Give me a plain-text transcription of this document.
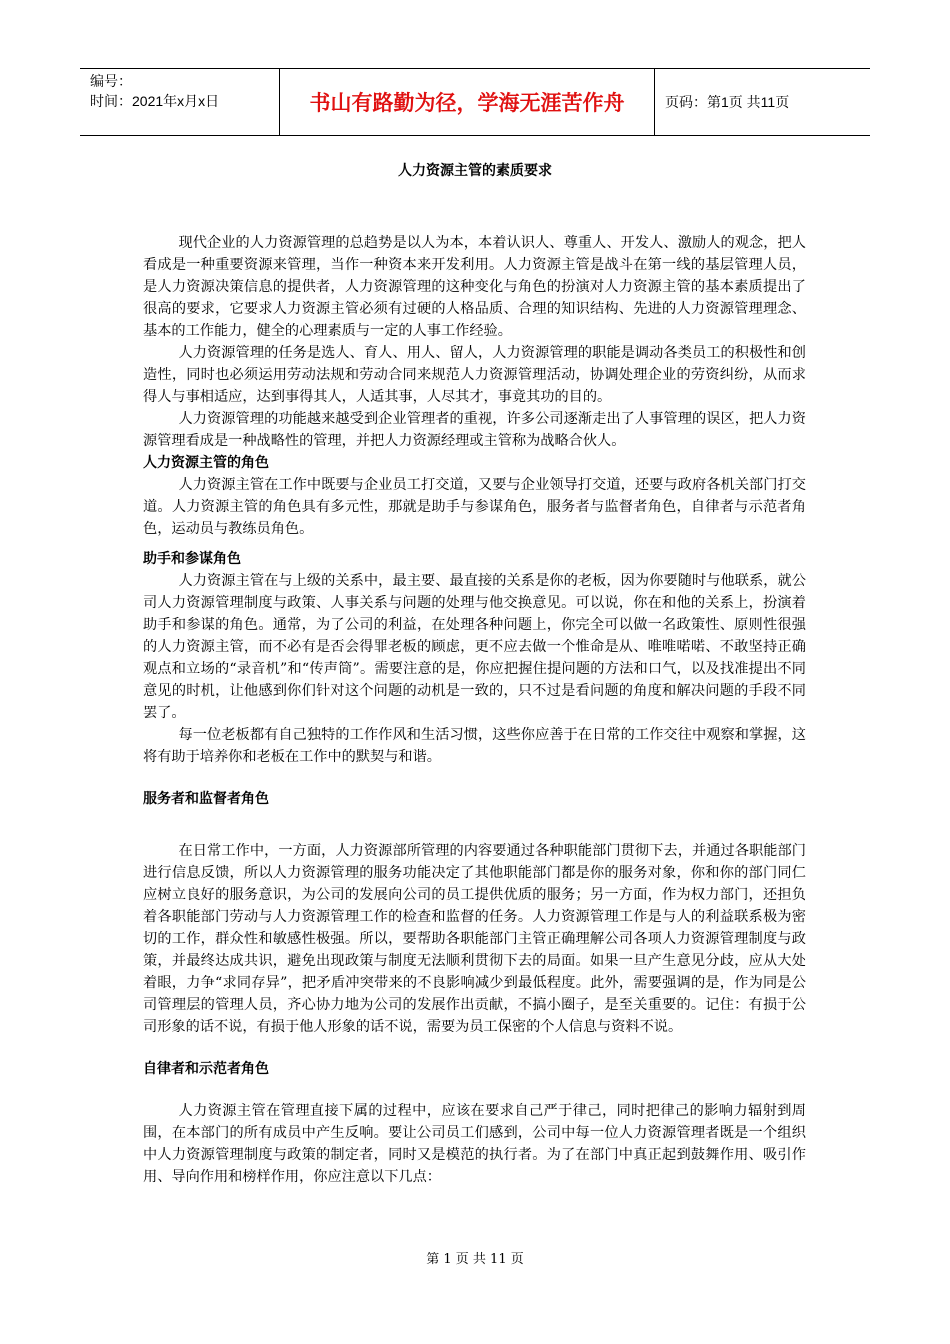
编号：
时间：2021年x月x日	书山有路勤为径，学海无涯苦作舟	页码：第1页 共11页
人力资源主管的素质要求

现代企业的人力资源管理的总趋势是以人为本，本着认识人、尊重人、开发人、激励人的观念，把人看成是一种重要资源来管理，当作一种资本来开发利用。人力资源主管是战斗在第一线的基层管理人员，是人力资源决策信息的提供者，人力资源管理的这种变化与角色的扮演对人力资源主管的基本素质提出了很高的要求，它要求人力资源主管必须有过硬的人格品质、合理的知识结构、先进的人力资源管理理念、基本的工作能力，健全的心理素质与一定的人事工作经验。

人力资源管理的任务是选人、育人、用人、留人，人力资源管理的职能是调动各类员工的积极性和创造性，同时也必须运用劳动法规和劳动合同来规范人力资源管理活动，协调处理企业的劳资纠纷，从而求得人与事相适应，达到事得其人，人适其事，人尽其才，事竟其功的目的。

人力资源管理的功能越来越受到企业管理者的重视，许多公司逐渐走出了人事管理的误区，把人力资源管理看成是一种战略性的管理，并把人力资源经理或主管称为战略合伙人。

人力资源主管的角色

人力资源主管在工作中既要与企业员工打交道，又要与企业领导打交道，还要与政府各机关部门打交道。人力资源主管的角色具有多元性，那就是助手与参谋角色，服务者与监督者角色，自律者与示范者角色，运动员与教练员角色。

助手和参谋角色

人力资源主管在与上级的关系中，最主要、最直接的关系是你的老板，因为你要随时与他联系，就公司人力资源管理制度与政策、人事关系与问题的处理与他交换意见。可以说，你在和他的关系上，扮演着助手和参谋的角色。通常，为了公司的利益，在处理各种问题上，你完全可以做一名政策性、原则性很强的人力资源主管，而不必有是否会得罪老板的顾虑，更不应去做一个惟命是从、唯唯喏喏、不敢坚持正确观点和立场的“录音机”和“传声筒”。需要注意的是，你应把握住提问题的方法和口气，以及找准提出不同意见的时机，让他感到你们针对这个问题的动机是一致的，只不过是看问题的角度和解决问题的手段不同罢了。

每一位老板都有自己独特的工作作风和生活习惯，这些你应善于在日常的工作交往中观察和掌握，这将有助于培养你和老板在工作中的默契与和谐。

服务者和监督者角色

在日常工作中，一方面，人力资源部所管理的内容要通过各种职能部门贯彻下去，并通过各职能部门进行信息反馈，所以人力资源管理的服务功能决定了其他职能部门都是你的服务对象，你和你的部门同仁应树立良好的服务意识，为公司的发展向公司的员工提供优质的服务；另一方面，作为权力部门，还担负着各职能部门劳动与人力资源管理工作的检查和监督的任务。人力资源管理工作是与人的利益联系极为密切的工作，群众性和敏感性极强。所以，要帮助各职能部门主管正确理解公司各项人力资源管理制度与政策，并最终达成共识，避免出现政策与制度无法顺利贯彻下去的局面。如果一旦产生意见分歧，应从大处着眼，力争“求同存异”，把矛盾冲突带来的不良影响减少到最低程度。此外，需要强调的是，作为同是公司管理层的管理人员，齐心协力地为公司的发展作出贡献，不搞小圈子，是至关重要的。记住：有损于公司形象的话不说，有损于他人形象的话不说，需要为员工保密的个人信息与资料不说。

自律者和示范者角色

人力资源主管在管理直接下属的过程中，应该在要求自己严于律己，同时把律己的影响力辐射到周围，在本部门的所有成员中产生反响。要让公司员工们感到，公司中每一位人力资源管理者既是一个组织中人力资源管理制度与政策的制定者，同时又是模范的执行者。为了在部门中真正起到鼓舞作用、吸引作用、导向作用和榜样作用，你应注意以下几点：

第 1 页 共 11 页
